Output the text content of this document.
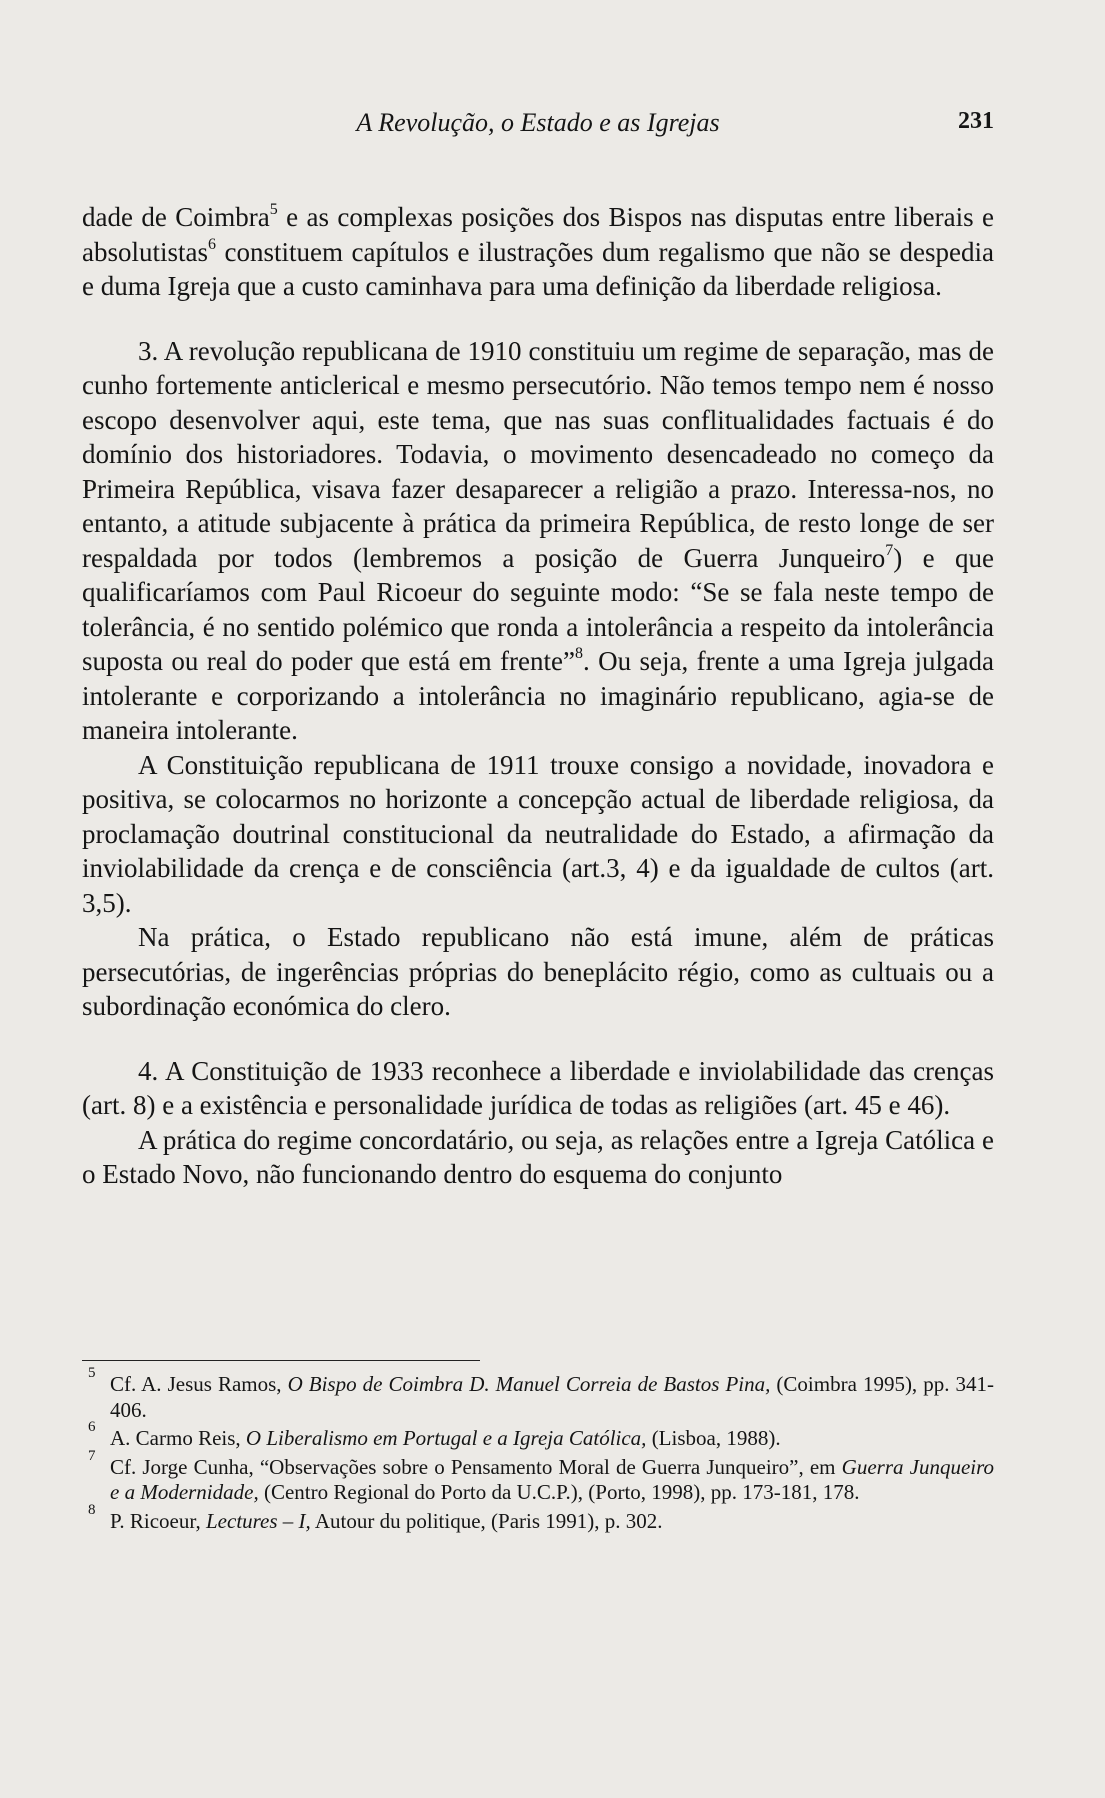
A Revolução, o Estado e as Igrejas	231

dade de Coimbra$^5$ e as complexas posições dos Bispos nas disputas entre liberais e absolutistas$^6$ constituem capítulos e ilustrações dum regalismo que não se despedia e duma Igreja que a custo caminhava para uma definição da liberdade religiosa.

3. A revolução republicana de 1910 constituiu um regime de separação, mas de cunho fortemente anticlerical e mesmo persecutório. Não temos tempo nem é nosso escopo desenvolver aqui, este tema, que nas suas conflitualidades factuais é do domínio dos historiadores. Todavia, o movimento desencadeado no começo da Primeira República, visava fazer desaparecer a religião a prazo. Interessa-nos, no entanto, a atitude subjacente à prática da primeira República, de resto longe de ser respaldada por todos (lembremos a posição de Guerra Junqueiro$^7$) e que qualificaríamos com Paul Ricoeur do seguinte modo: “Se se fala neste tempo de tolerância, é no sentido polémico que ronda a intolerância a respeito da intolerância suposta ou real do poder que está em frente”$^8$. Ou seja, frente a uma Igreja julgada intolerante e corporizando a intolerância no imaginário republicano, agia-se de maneira intolerante.

A Constituição republicana de 1911 trouxe consigo a novidade, inovadora e positiva, se colocarmos no horizonte a concepção actual de liberdade religiosa, da proclamação doutrinal constitucional da neutralidade do Estado, a afirmação da inviolabilidade da crença e de consciência (art.3, 4) e da igualdade de cultos (art. 3,5).

Na prática, o Estado republicano não está imune, além de práticas persecutórias, de ingerências próprias do beneplácito régio, como as cultuais ou a subordinação económica do clero.

4. A Constituição de 1933 reconhece a liberdade e inviolabilidade das crenças (art. 8) e a existência e personalidade jurídica de todas as religiões (art. 45 e 46).

A prática do regime concordatário, ou seja, as relações entre a Igreja Católica e o Estado Novo, não funcionando dentro do esquema do conjunto

5 Cf. A. Jesus Ramos, O Bispo de Coimbra D. Manuel Correia de Bastos Pina, (Coimbra 1995), pp. 341-406.
6 A. Carmo Reis, O Liberalismo em Portugal e a Igreja Católica, (Lisboa, 1988).
7 Cf. Jorge Cunha, “Observações sobre o Pensamento Moral de Guerra Junqueiro”, em Guerra Junqueiro e a Modernidade, (Centro Regional do Porto da U.C.P.), (Porto, 1998), pp. 173-181, 178.
8 P. Ricoeur, Lectures – I, Autour du politique, (Paris 1991), p. 302.
